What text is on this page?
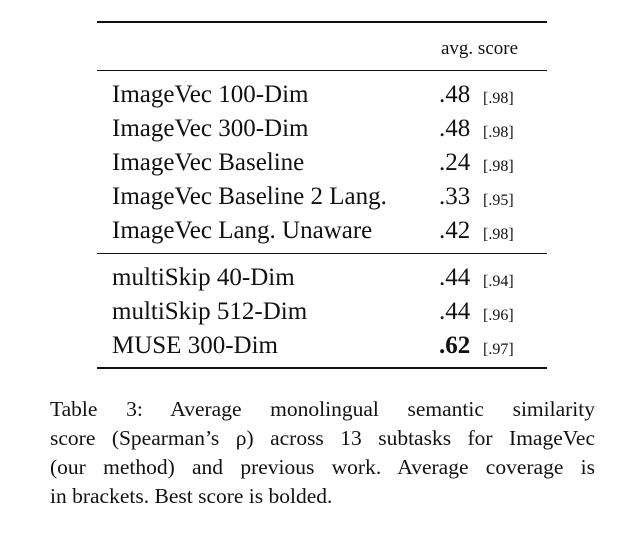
avg. score
ImageVec 100-Dim	.48 [.98]
ImageVec 300-Dim	.48 [.98]
ImageVec Baseline	.24 [.98]
ImageVec Baseline 2 Lang. .33 [.95]
ImageVec Lang. Unaware	.42 [.98]
multiSkip 40-Dim	.44 [.94]
multiSkip 512-Dim	.44 [.96]
MUSE 300-Dim	.62 [.97]
Table 3: Average monolingual semantic similarity
score (Spearman’s ρ) across 13 subtasks for ImageVec
(our method) and previous work. Average coverage is
in brackets. Best score is bolded.
